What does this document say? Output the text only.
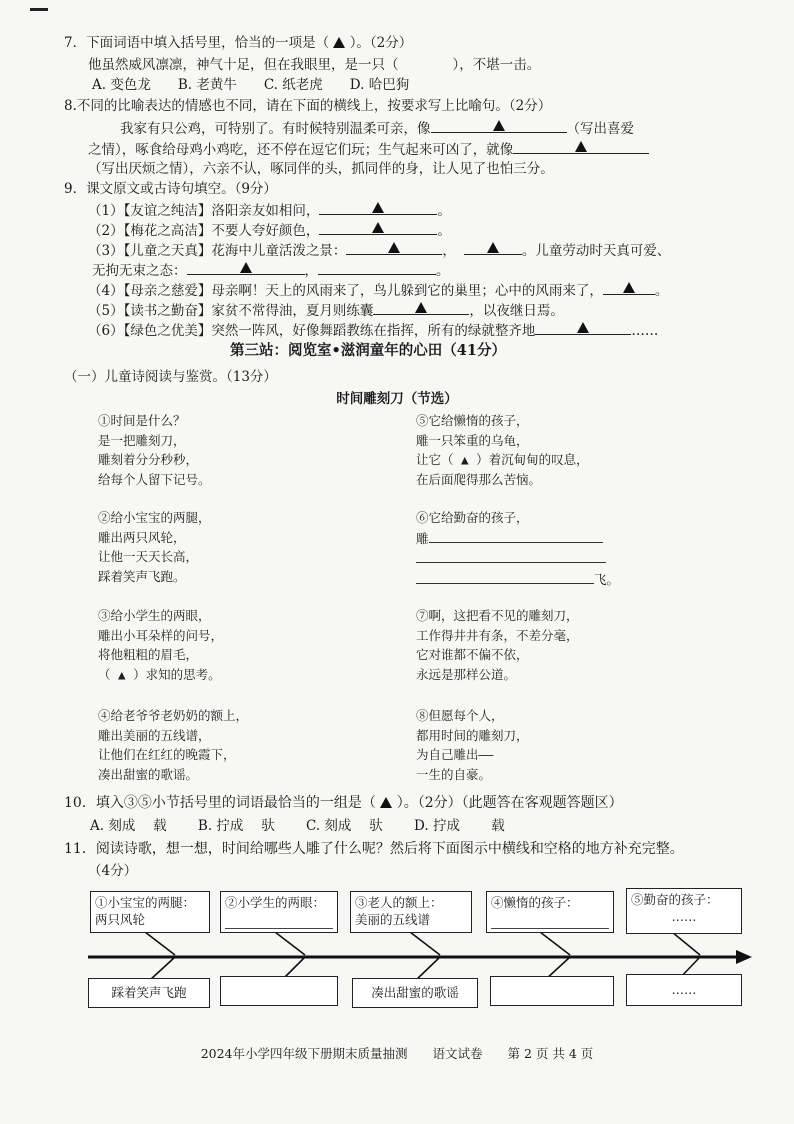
7．下面词语中填入括号里，恰当的一项是（ ）。（2分）
他虽然威风凛凛，神气十足，但在我眼里，是一只（	），不堪一击。
A. 变色龙　　B. 老黄牛　　C. 纸老虎　　D. 哈巴狗
8.不同的比喻表达的情感也不同，请在下面的横线上，按要求写上比喻句。（2分）
我家有只公鸡，可特别了。有时候特别温柔可亲，像	（写出喜爱
之情），啄食给母鸡小鸡吃，还不停在逗它们玩；生气起来可凶了，就像
（写出厌烦之情），六亲不认，啄同伴的头，抓同伴的身，让人见了也怕三分。
9．课文原文或古诗句填空。（9分）
（1）【友谊之纯洁】洛阳亲友如相问，	。
（2）【梅花之高洁】不要人夸好颜色，	。
（3）【儿童之天真】花海中儿童活泼之景：	，	。儿童劳动时天真可爱、
无拘无束之态：	，	。
（4）【母亲之慈爱】母亲啊！天上的风雨来了，鸟儿躲到它的巢里；心中的风雨来了，	。
（5）【读书之勤奋】家贫不常得油，夏月则练囊	，以夜继日焉。
（6）【绿色之优美】突然一阵风，好像舞蹈教练在指挥，所有的绿就整齐地	……
第三站：阅览室•滋润童年的心田（41分）
（一）儿童诗阅读与鉴赏。（13分）
时间雕刻刀（节选）
①时间是什么？
是一把雕刻刀，
雕刻着分分秒秒，
给每个人留下记号。
②给小宝宝的两腿，
雕出两只风轮，
让他一天天长高，
踩着笑声飞跑。
③给小学生的两眼，
雕出小耳朵样的问号，
将他粗粗的眉毛，
（ ▲ ）求知的思考。
④给老爷爷老奶奶的额上，
雕出美丽的五线谱，
让他们在红红的晚霞下，
凑出甜蜜的歌谣。
⑤它给懒惰的孩子，
雕一只笨重的乌龟，
让它（ ▲ ）着沉甸甸的叹息，
在后面爬得那么苦恼。
⑥它给勤奋的孩子，
雕
飞。
⑦啊，这把看不见的雕刻刀，
工作得井井有条，不差分毫，
它对谁都不偏不依，
永远是那样公道。
⑧但愿每个人，
都用时间的雕刻刀，
为自己雕出——
一生的自豪。
10．填入③⑤小节括号里的词语最恰当的一组是（ ）。（2分）（此题答在客观题答题区）
A. 刻成　 载　　 B. 拧成　 驮　　 C. 刻成　 驮　　 D. 拧成　　 载
11．阅读诗歌，想一想，时间给哪些人雕了什么呢？然后将下面图示中横线和空格的地方补充完整。
（4分）
①小宝宝的两腿：
两只风轮
②小学生的两眼：	③老人的额上：
美丽的五线谱
④懒惰的孩子：	⑤勤奋的孩子：
……
踩着笑声飞跑	凑出甜蜜的歌谣	……
2024年小学四年级下册期末质量抽测　　语文试卷　　第 2 页 共 4 页
